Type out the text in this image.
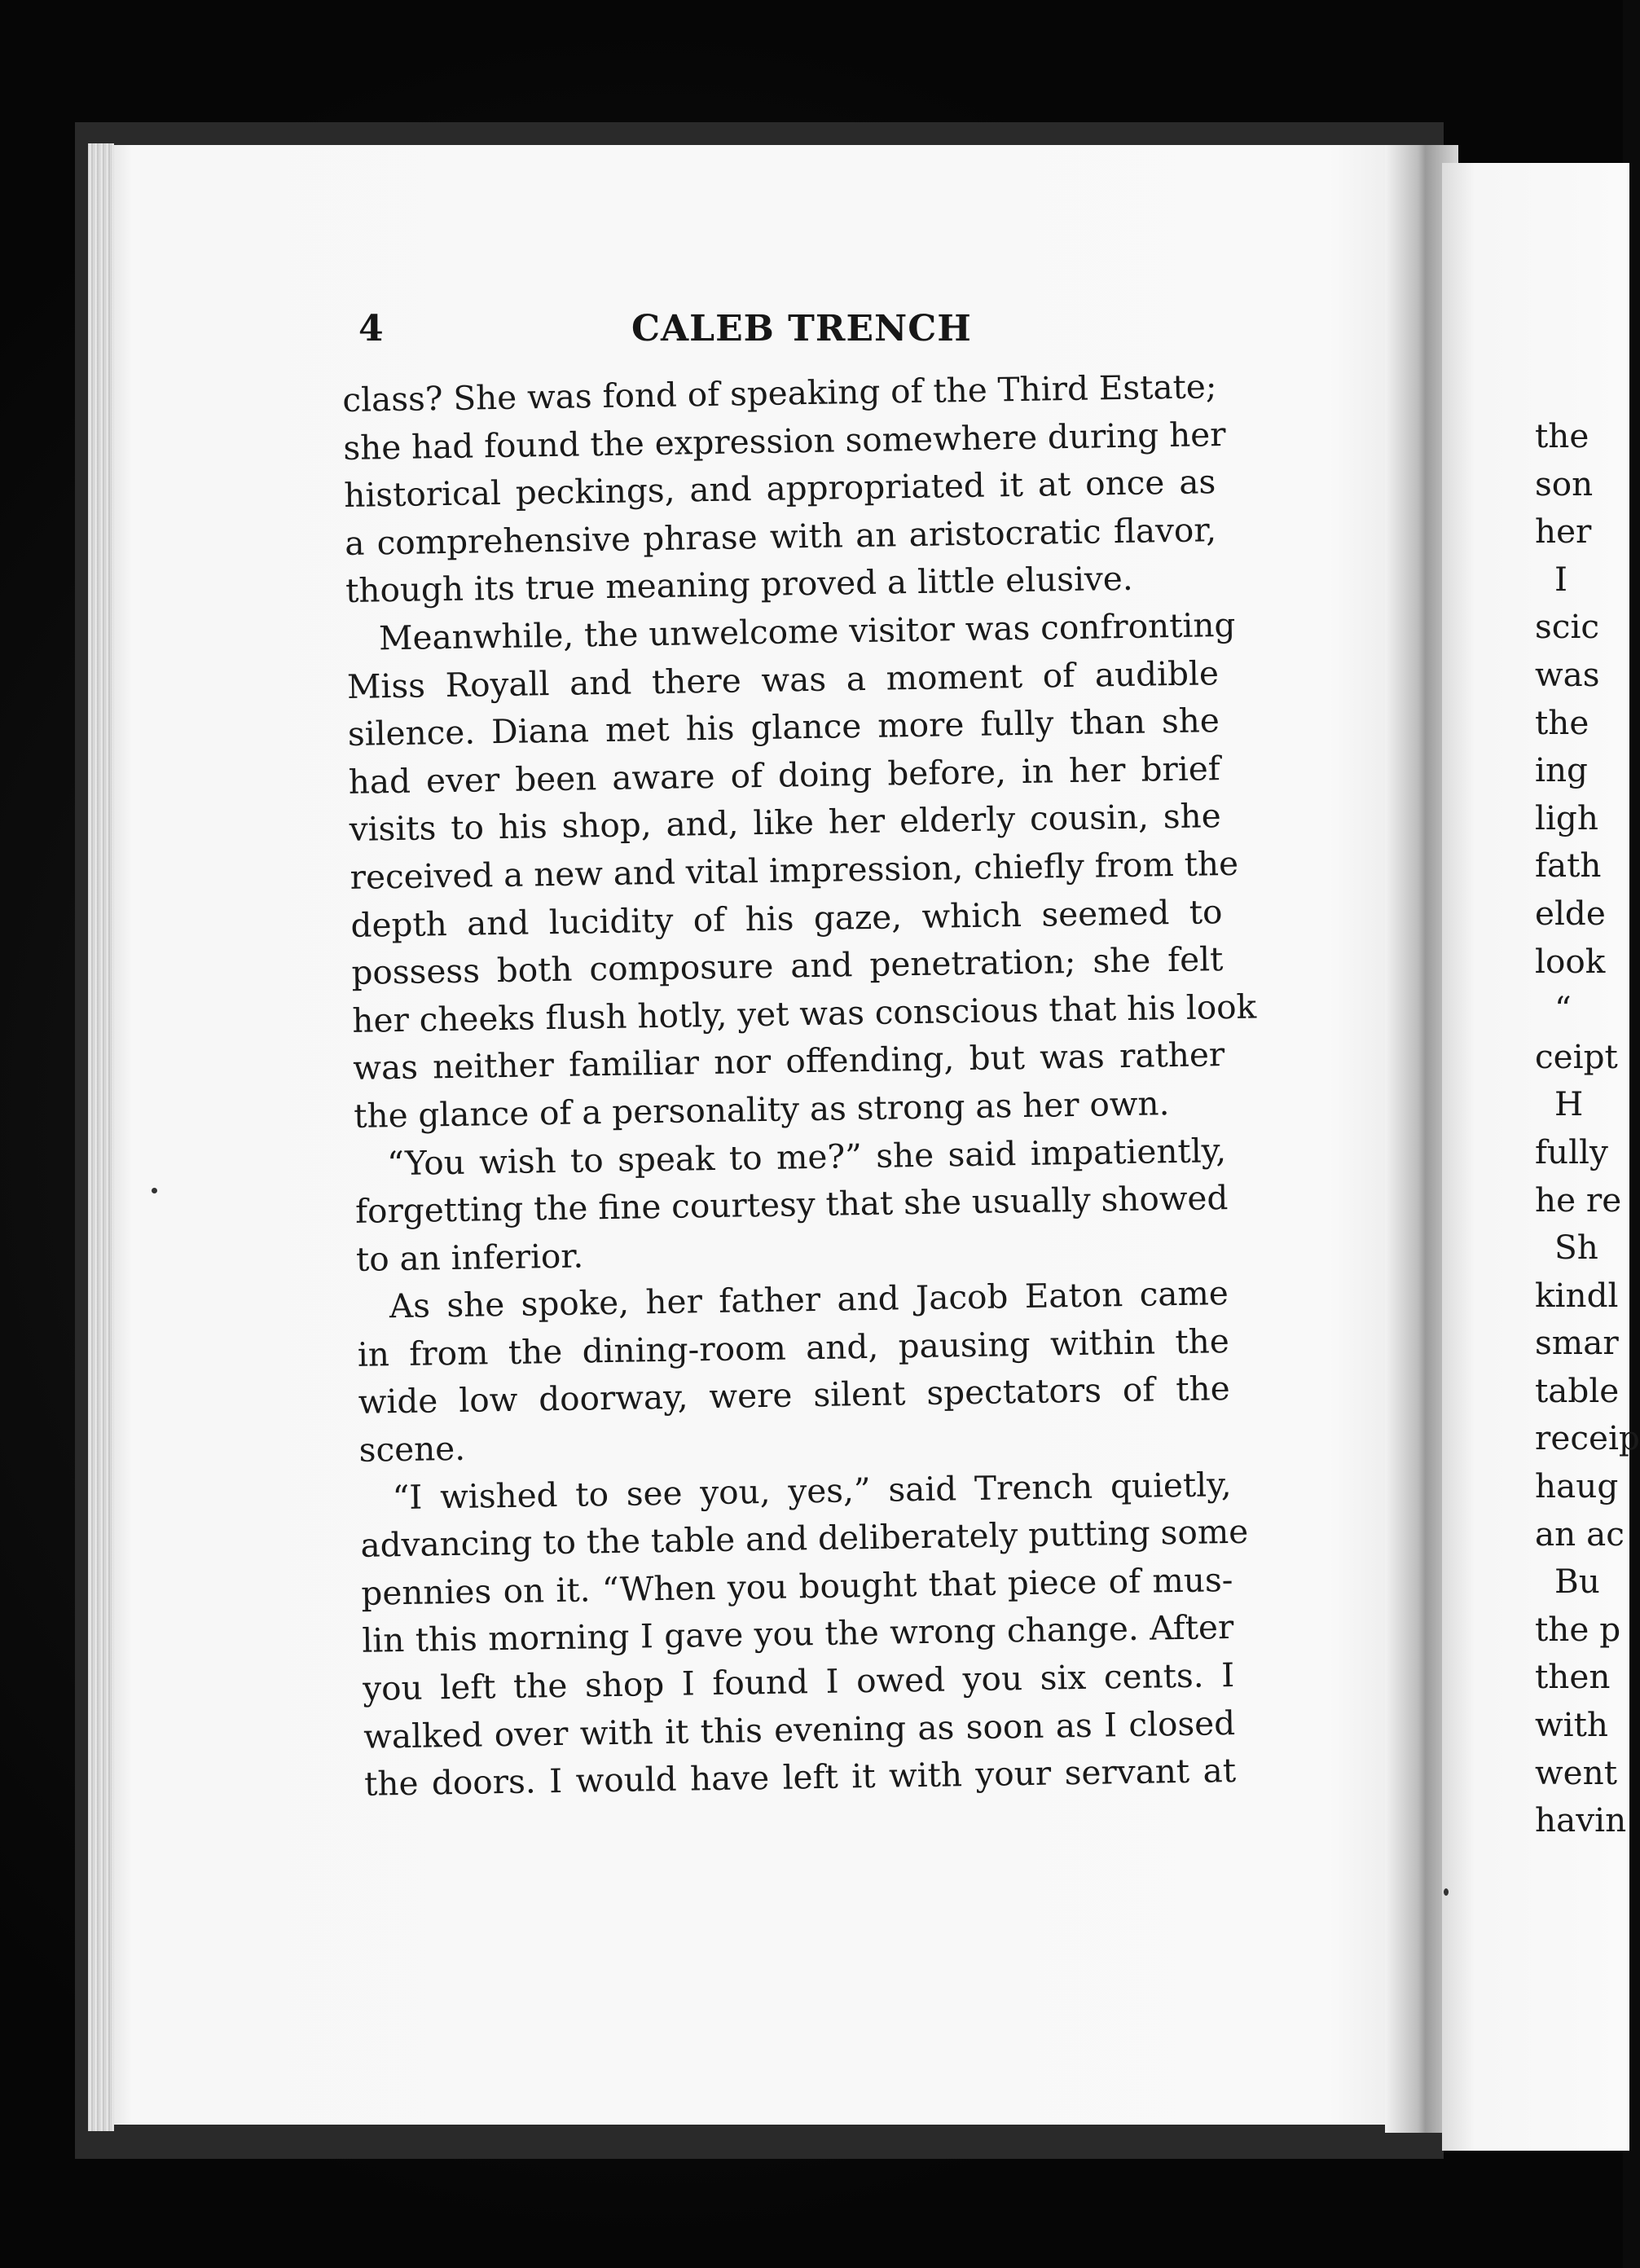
4	CALEB TRENCH
class? She was fond of speaking of the Third Estate;
she had found the expression somewhere during her
historical peckings, and appropriated it at once as
a comprehensive phrase with an aristocratic flavor,
though its true meaning proved a little elusive.
Meanwhile, the unwelcome visitor was confronting
Miss Royall and there was a moment of audible
silence. Diana met his glance more fully than she
had ever been aware of doing before, in her brief
visits to his shop, and, like her elderly cousin, she
received a new and vital impression, chiefly from the
depth and lucidity of his gaze, which seemed to
possess both composure and penetration; she felt
her cheeks flush hotly, yet was conscious that his look
was neither familiar nor offending, but was rather
the glance of a personality as strong as her own.
“You wish to speak to me?” she said impatiently,
forgetting the fine courtesy that she usually showed
to an inferior.
As she spoke, her father and Jacob Eaton came
in from the dining-room and, pausing within the
wide low doorway, were silent spectators of the
scene.
“I wished to see you, yes,” said Trench quietly,
advancing to the table and deliberately putting some
pennies on it. “When you bought that piece of mus-
lin this morning I gave you the wrong change. After
you left the shop I found I owed you six cents. I
walked over with it this evening as soon as I closed
the doors. I would have left it with your servant at
the
son
her
I
scic
was
the
ing
ligh
fath
elde
look
“
ceipt
H
fully
he re
Sh
kindl
smar
table
receip
haug
an ac
Bu
the p
then
with
went
havin
